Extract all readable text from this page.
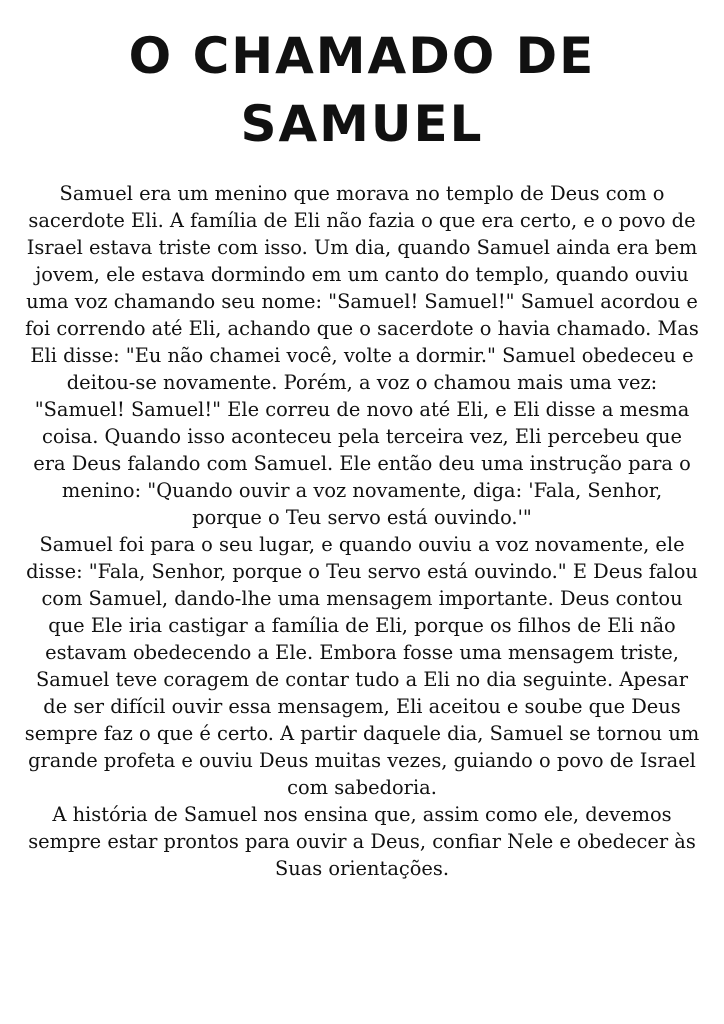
O CHAMADO DE
SAMUEL

Samuel era um menino que morava no templo de Deus com o sacerdote Eli. A família de Eli não fazia o que era certo, e o povo de Israel estava triste com isso. Um dia, quando Samuel ainda era bem jovem, ele estava dormindo em um canto do templo, quando ouviu uma voz chamando seu nome: "Samuel! Samuel!" Samuel acordou e foi correndo até Eli, achando que o sacerdote o havia chamado. Mas Eli disse: "Eu não chamei você, volte a dormir." Samuel obedeceu e deitou-se novamente. Porém, a voz o chamou mais uma vez: "Samuel! Samuel!" Ele correu de novo até Eli, e Eli disse a mesma coisa. Quando isso aconteceu pela terceira vez, Eli percebeu que era Deus falando com Samuel. Ele então deu uma instrução para o menino: "Quando ouvir a voz novamente, diga: 'Fala, Senhor, porque o Teu servo está ouvindo.'"

Samuel foi para o seu lugar, e quando ouviu a voz novamente, ele disse: "Fala, Senhor, porque o Teu servo está ouvindo." E Deus falou com Samuel, dando-lhe uma mensagem importante. Deus contou que Ele iria castigar a família de Eli, porque os filhos de Eli não estavam obedecendo a Ele. Embora fosse uma mensagem triste, Samuel teve coragem de contar tudo a Eli no dia seguinte. Apesar de ser difícil ouvir essa mensagem, Eli aceitou e soube que Deus sempre faz o que é certo. A partir daquele dia, Samuel se tornou um grande profeta e ouviu Deus muitas vezes, guiando o povo de Israel com sabedoria.

A história de Samuel nos ensina que, assim como ele, devemos sempre estar prontos para ouvir a Deus, confiar Nele e obedecer às Suas orientações.
